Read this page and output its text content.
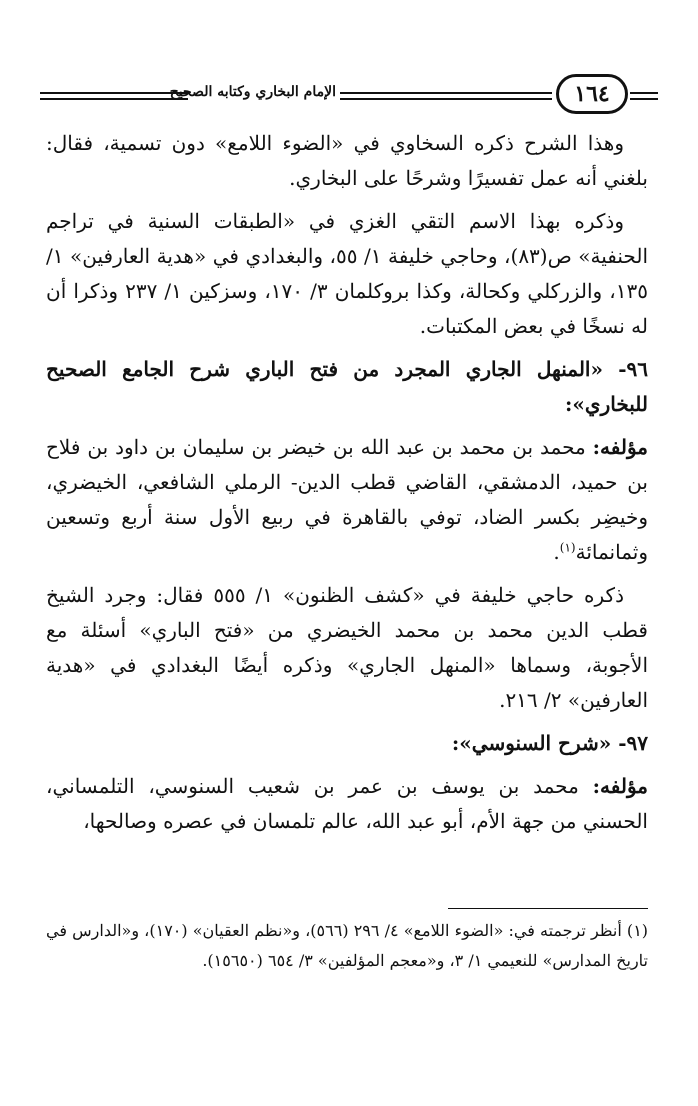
الإمام البخاري وكتابه الصحيح	١٦٤

وهذا الشرح ذكره السخاوي في «الضوء اللامع» دون تسمية، فقال: بلغني أنه عمل تفسيرًا وشرحًا على البخاري.

وذكره بهذا الاسم التقي الغزي في «الطبقات السنية في تراجم الحنفية» ص(٨٣)، وحاجي خليفة ١/ ٥٥، والبغدادي في «هدية العارفين» ١/ ١٣٥، والزركلي وكحالة، وكذا بروكلمان ٣/ ١٧٠، وسزكين ١/ ٢٣٧ وذكرا أن له نسخًا في بعض المكتبات.

٩٦- «المنهل الجاري المجرد من فتح الباري شرح الجامع الصحيح للبخاري»:

مؤلفه: محمد بن محمد بن عبد الله بن خيضر بن سليمان بن داود بن فلاح بن حميد، الدمشقي، القاضي قطب الدين- الرملي الشافعي، الخيضري، وخيضِر بكسر الضاد، توفي بالقاهرة في ربيع الأول سنة أربع وتسعين وثمانمائة$^{(١)}$.

ذكره حاجي خليفة في «كشف الظنون» ١/ ٥٥٥ فقال: وجرد الشيخ قطب الدين محمد بن محمد الخيضري من «فتح الباري» أسئلة مع الأجوبة، وسماها «المنهل الجاري» وذكره أيضًا البغدادي في «هدية العارفين» ٢/ ٢١٦.

٩٧- «شرح السنوسي»:

مؤلفه: محمد بن يوسف بن عمر بن شعيب السنوسي، التلمساني، الحسني من جهة الأم، أبو عبد الله، عالم تلمسان في عصره وصالحها،

(١) أنظر ترجمته في: «الضوء اللامع» ٤/ ٢٩٦ (٥٦٦)، و«نظم العقيان» (١٧٠)، و«الدارس في تاريخ المدارس» للنعيمي ١/ ٣، و«معجم المؤلفين» ٣/ ٦٥٤ (١٥٦٥٠).
